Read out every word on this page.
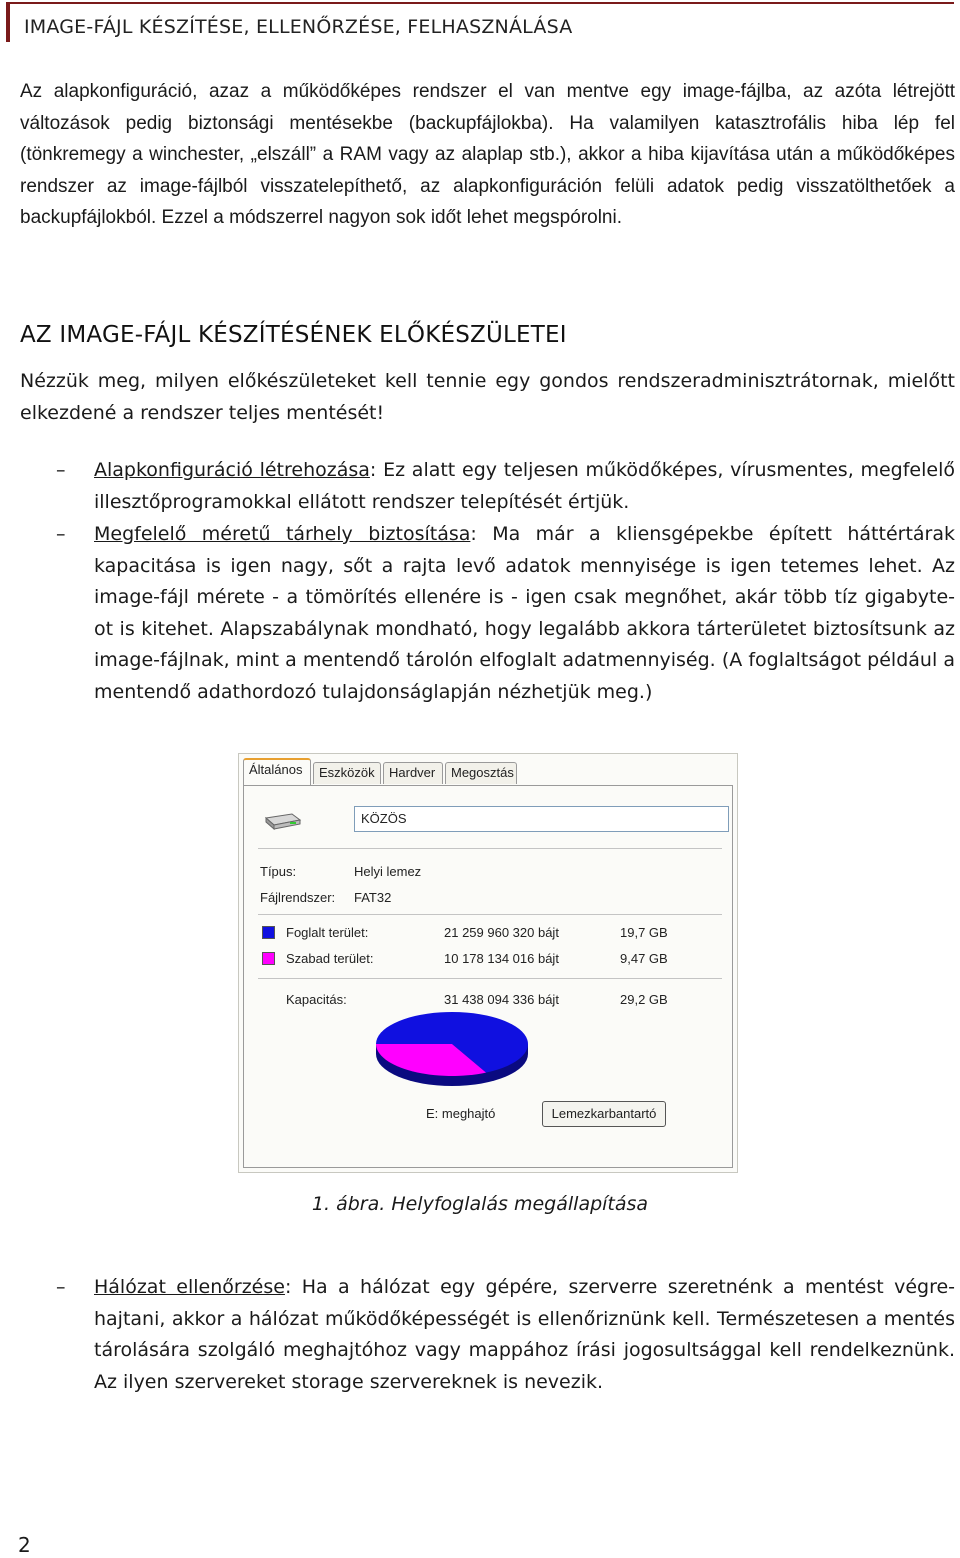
IMAGE-FÁJL KÉSZÍTÉSE, ELLENŐRZÉSE, FELHASZNÁLÁSA

Az alapkonfiguráció, azaz a működőképes rendszer el van mentve egy image-fájlba, az azóta létrejött változások pedig biztonsági mentésekbe (backupfájlokba). Ha valamilyen katasztrofális hiba lép fel (tönkremegy a winchester, „elszáll” a RAM vagy az alaplap stb.), akkor a hiba kijavítása után a működőképes rendszer az image-fájlból visszatelepíthető, az alapkonfiguráción felüli adatok pedig visszatölthetőek a backupfájlokból. Ezzel a módszerrel nagyon sok időt lehet megspórolni.

AZ IMAGE-FÁJL KÉSZÍTÉSÉNEK ELŐKÉSZÜLETEI

Nézzük meg, milyen előkészületeket kell tennie egy gondos rendszeradminisztrátornak, mielőtt elkezdené a rendszer teljes mentését!

– Alapkonfiguráció létrehozása: Ez alatt egy teljesen működőképes, vírusmentes, megfelelő illesztőprogramokkal ellátott rendszer telepítését értjük.
– Megfelelő méretű tárhely biztosítása: Ma már a kliensgépekbe épített háttértárak kapacitása is igen nagy, sőt a rajta levő adatok mennyisége is igen tetemes lehet. Az image-fájl mérete - a tömörítés ellenére is - igen csak megnőhet, akár több tíz gigabyte-ot is kitehet. Alapszabálynak mondható, hogy legalább akkora tárterületet biztosítsunk az image-fájlnak, mint a mentendő tárolón elfoglalt adatmennyiség. (A foglaltságot például a mentendő adathordozó tulajdonságlapján nézhetjük meg.)
Általános	Eszközök	Hardver	Megosztás
KÖZÖS
Típus:	Helyi lemez
Fájlrendszer: FAT32
Foglalt terület:	21 259 960 320 bájt	19,7 GB
Szabad terület:	10 178 134 016 bájt	9,47 GB
Kapacitás:	31 438 094 336 bájt	29,2 GB
E: meghajtó	Lemezkarbantartó
1. ábra. Helyfoglalás megállapítása
– Hálózat ellenőrzése: Ha a hálózat egy gépére, szerverre szeretnénk a mentést végre-hajtani, akkor a hálózat működőképességét is ellenőriznünk kell. Természetesen a mentés tárolására szolgáló meghajtóhoz vagy mappához írási jogosultsággal kell rendelkeznünk. Az ilyen szervereket storage szervereknek is nevezik.
2
